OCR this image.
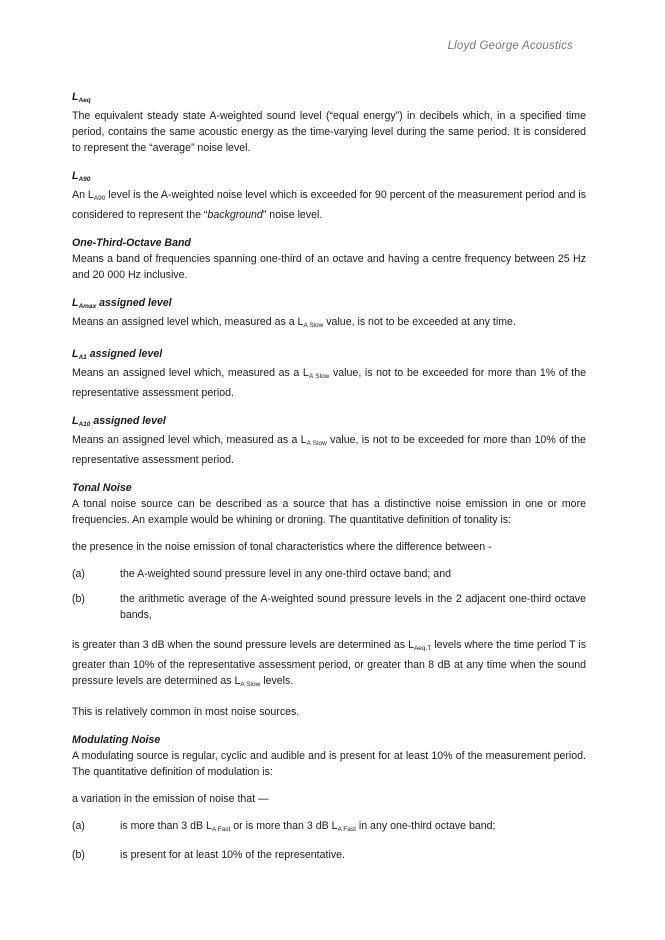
Lloyd George Acoustics
$L_{Aeq}$

The equivalent steady state A-weighted sound level (“equal energy”) in decibels which, in a specified time period, contains the same acoustic energy as the time-varying level during the same period. It is considered to represent the “average” noise level.

$L_{A90}$

An $L_{A90}$ level is the A-weighted noise level which is exceeded for 90 percent of the measurement period and is considered to represent the “background” noise level.

One-Third-Octave Band

Means a band of frequencies spanning one-third of an octave and having a centre frequency between 25 Hz and 20 000 Hz inclusive.

$L_{Amax}$ assigned level

Means an assigned level which, measured as a $L_{A Slow}$ value, is not to be exceeded at any time.

$L_{A1}$ assigned level

Means an assigned level which, measured as a $L_{A Slow}$ value, is not to be exceeded for more than 1% of the representative assessment period.

$L_{A10}$ assigned level

Means an assigned level which, measured as a $L_{A Slow}$ value, is not to be exceeded for more than 10% of the representative assessment period.

Tonal Noise

A tonal noise source can be described as a source that has a distinctive noise emission in one or more frequencies. An example would be whining or droning. The quantitative definition of tonality is:

the presence in the noise emission of tonal characteristics where the difference between -

(a)	the A-weighted sound pressure level in any one-third octave band; and
(b)	the arithmetic average of the A-weighted sound pressure levels in the 2 adjacent one-third octave bands,

is greater than 3 dB when the sound pressure levels are determined as $L_{Aeq,T}$ levels where the time period T is greater than 10% of the representative assessment period, or greater than 8 dB at any time when the sound pressure levels are determined as $L_{A Slow}$ levels.

This is relatively common in most noise sources.

Modulating Noise

A modulating source is regular, cyclic and audible and is present for at least 10% of the measurement period. The quantitative definition of modulation is:

a variation in the emission of noise that —

(a)	is more than 3 dB $L_{A Fast}$ or is more than 3 dB $L_{A Fast}$ in any one-third octave band;
(b)	is present for at least 10% of the representative.
